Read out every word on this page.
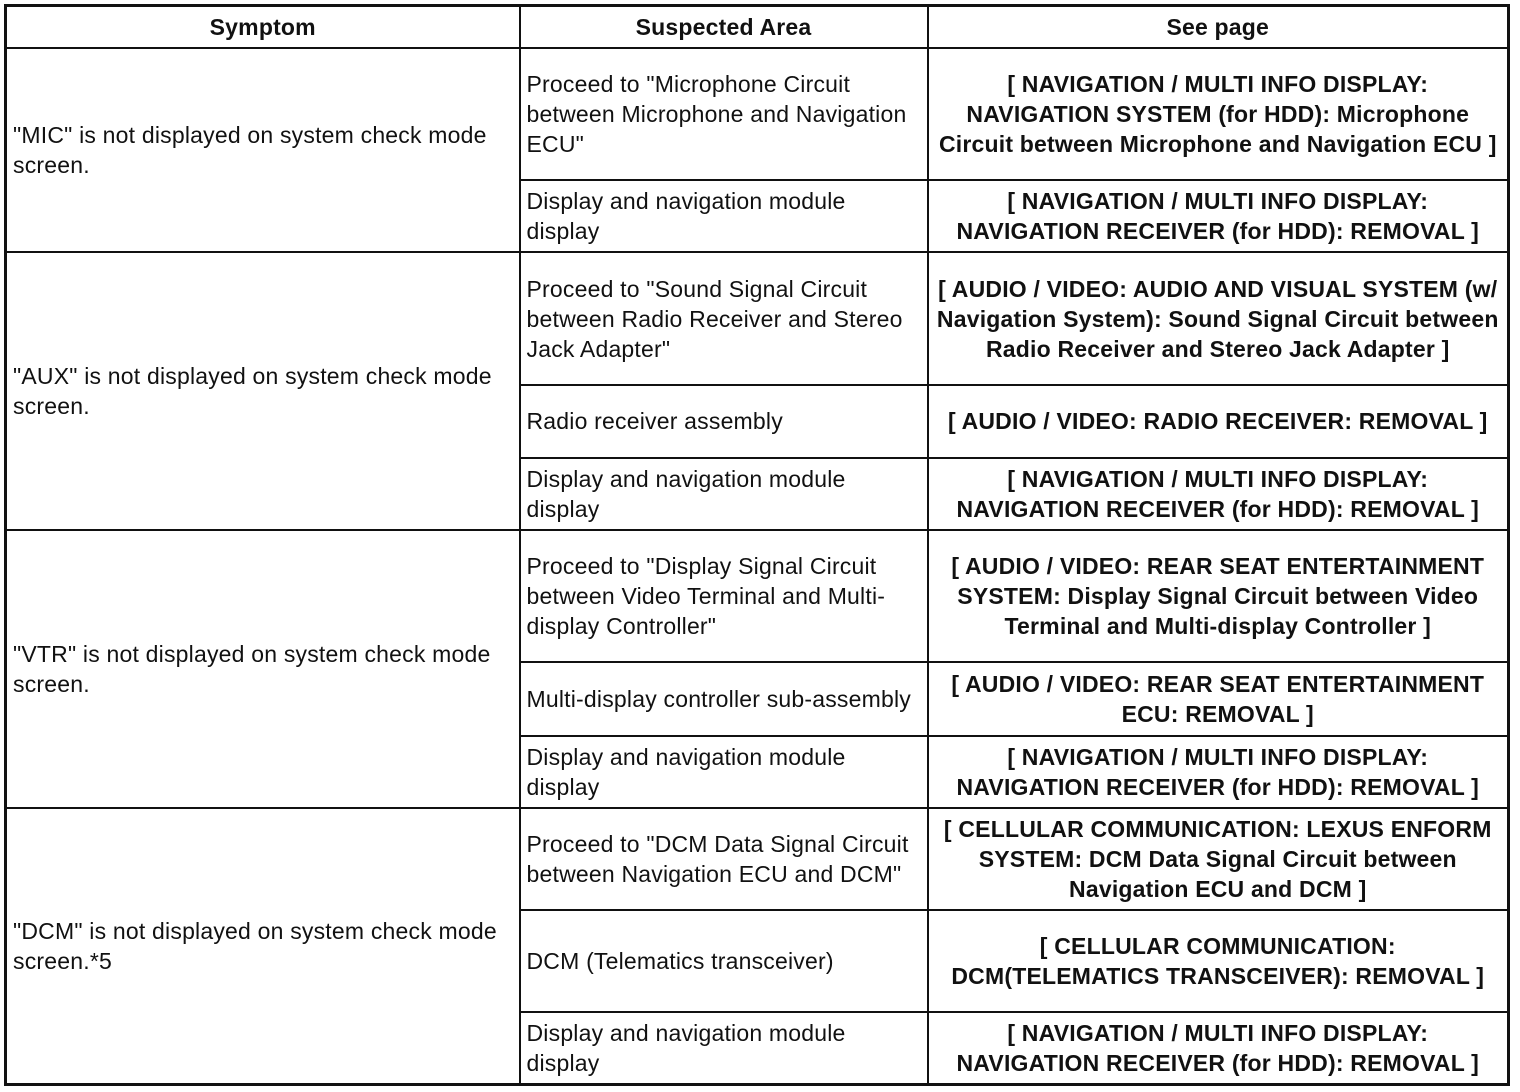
Symptom	Suspected Area	See page
"MIC" is not displayed on system check mode screen.	Proceed to "Microphone Circuit between Microphone and Navigation ECU"	[ NAVIGATION / MULTI INFO DISPLAY: NAVIGATION SYSTEM (for HDD): Microphone Circuit between Microphone and Navigation ECU ]
	Display and navigation module display	[ NAVIGATION / MULTI INFO DISPLAY: NAVIGATION RECEIVER (for HDD): REMOVAL ]
"AUX" is not displayed on system check mode screen.	Proceed to "Sound Signal Circuit between Radio Receiver and Stereo Jack Adapter"	[ AUDIO / VIDEO: AUDIO AND VISUAL SYSTEM (w/ Navigation System): Sound Signal Circuit between Radio Receiver and Stereo Jack Adapter ]
	Radio receiver assembly	[ AUDIO / VIDEO: RADIO RECEIVER: REMOVAL ]
	Display and navigation module display	[ NAVIGATION / MULTI INFO DISPLAY: NAVIGATION RECEIVER (for HDD): REMOVAL ]
"VTR" is not displayed on system check mode screen.	Proceed to "Display Signal Circuit between Video Terminal and Multi-display Controller"	[ AUDIO / VIDEO: REAR SEAT ENTERTAINMENT SYSTEM: Display Signal Circuit between Video Terminal and Multi-display Controller ]
	Multi-display controller sub-assembly	[ AUDIO / VIDEO: REAR SEAT ENTERTAINMENT ECU: REMOVAL ]
	Display and navigation module display	[ NAVIGATION / MULTI INFO DISPLAY: NAVIGATION RECEIVER (for HDD): REMOVAL ]
"DCM" is not displayed on system check mode screen.*5	Proceed to "DCM Data Signal Circuit between Navigation ECU and DCM"	[ CELLULAR COMMUNICATION: LEXUS ENFORM SYSTEM: DCM Data Signal Circuit between Navigation ECU and DCM ]
	DCM (Telematics transceiver)	[ CELLULAR COMMUNICATION: DCM(TELEMATICS TRANSCEIVER): REMOVAL ]
	Display and navigation module display	[ NAVIGATION / MULTI INFO DISPLAY: NAVIGATION RECEIVER (for HDD): REMOVAL ]
